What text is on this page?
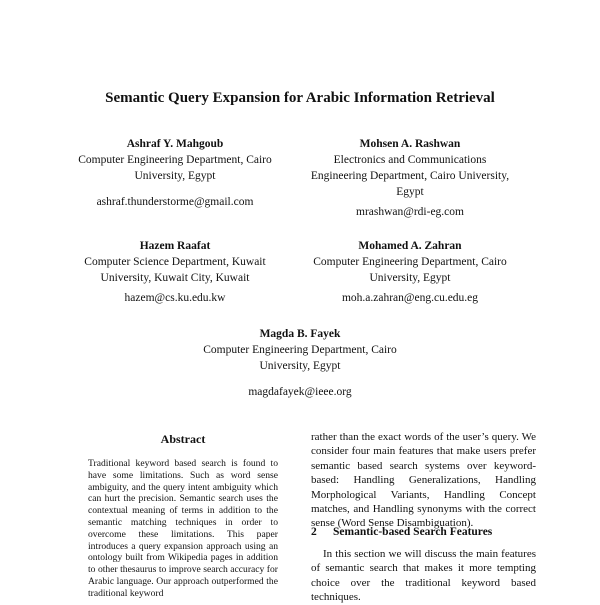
Semantic Query Expansion for Arabic Information Retrieval
Ashraf Y. Mahgoub
Computer Engineering Department, Cairo
University, Egypt
ashraf.thunderstorme@gmail.com
Mohsen A. Rashwan
Electronics and Communications
Engineering Department, Cairo University,
Egypt
mrashwan@rdi-eg.com
Hazem Raafat
Computer Science Department, Kuwait
University, Kuwait City, Kuwait
hazem@cs.ku.edu.kw
Mohamed A. Zahran
Computer Engineering Department, Cairo
University, Egypt
moh.a.zahran@eng.cu.edu.eg
Magda B. Fayek
Computer Engineering Department, Cairo
University, Egypt
magdafayek@ieee.org
Abstract
Traditional keyword based search is found to have some limitations. Such as word sense ambiguity, and the query intent ambiguity which can hurt the precision. Semantic search uses the contextual meaning of terms in addition to the semantic matching techniques in order to overcome these limitations. This paper introduces a query expansion approach using an ontology built from Wikipedia pages in addition to other thesaurus to improve search accuracy for Arabic language. Our approach outperformed the traditional keyword
rather than the exact words of the user’s query. We consider four main features that make users prefer semantic based search systems over keyword-based: Handling Generalizations, Handling Morphological Variants, Handling Concept matches, and Handling synonyms with the correct sense (Word Sense Disambiguation).
2 Semantic-based Search Features
In this section we will discuss the main features of semantic search that makes it more tempting choice over the traditional keyword based techniques.
